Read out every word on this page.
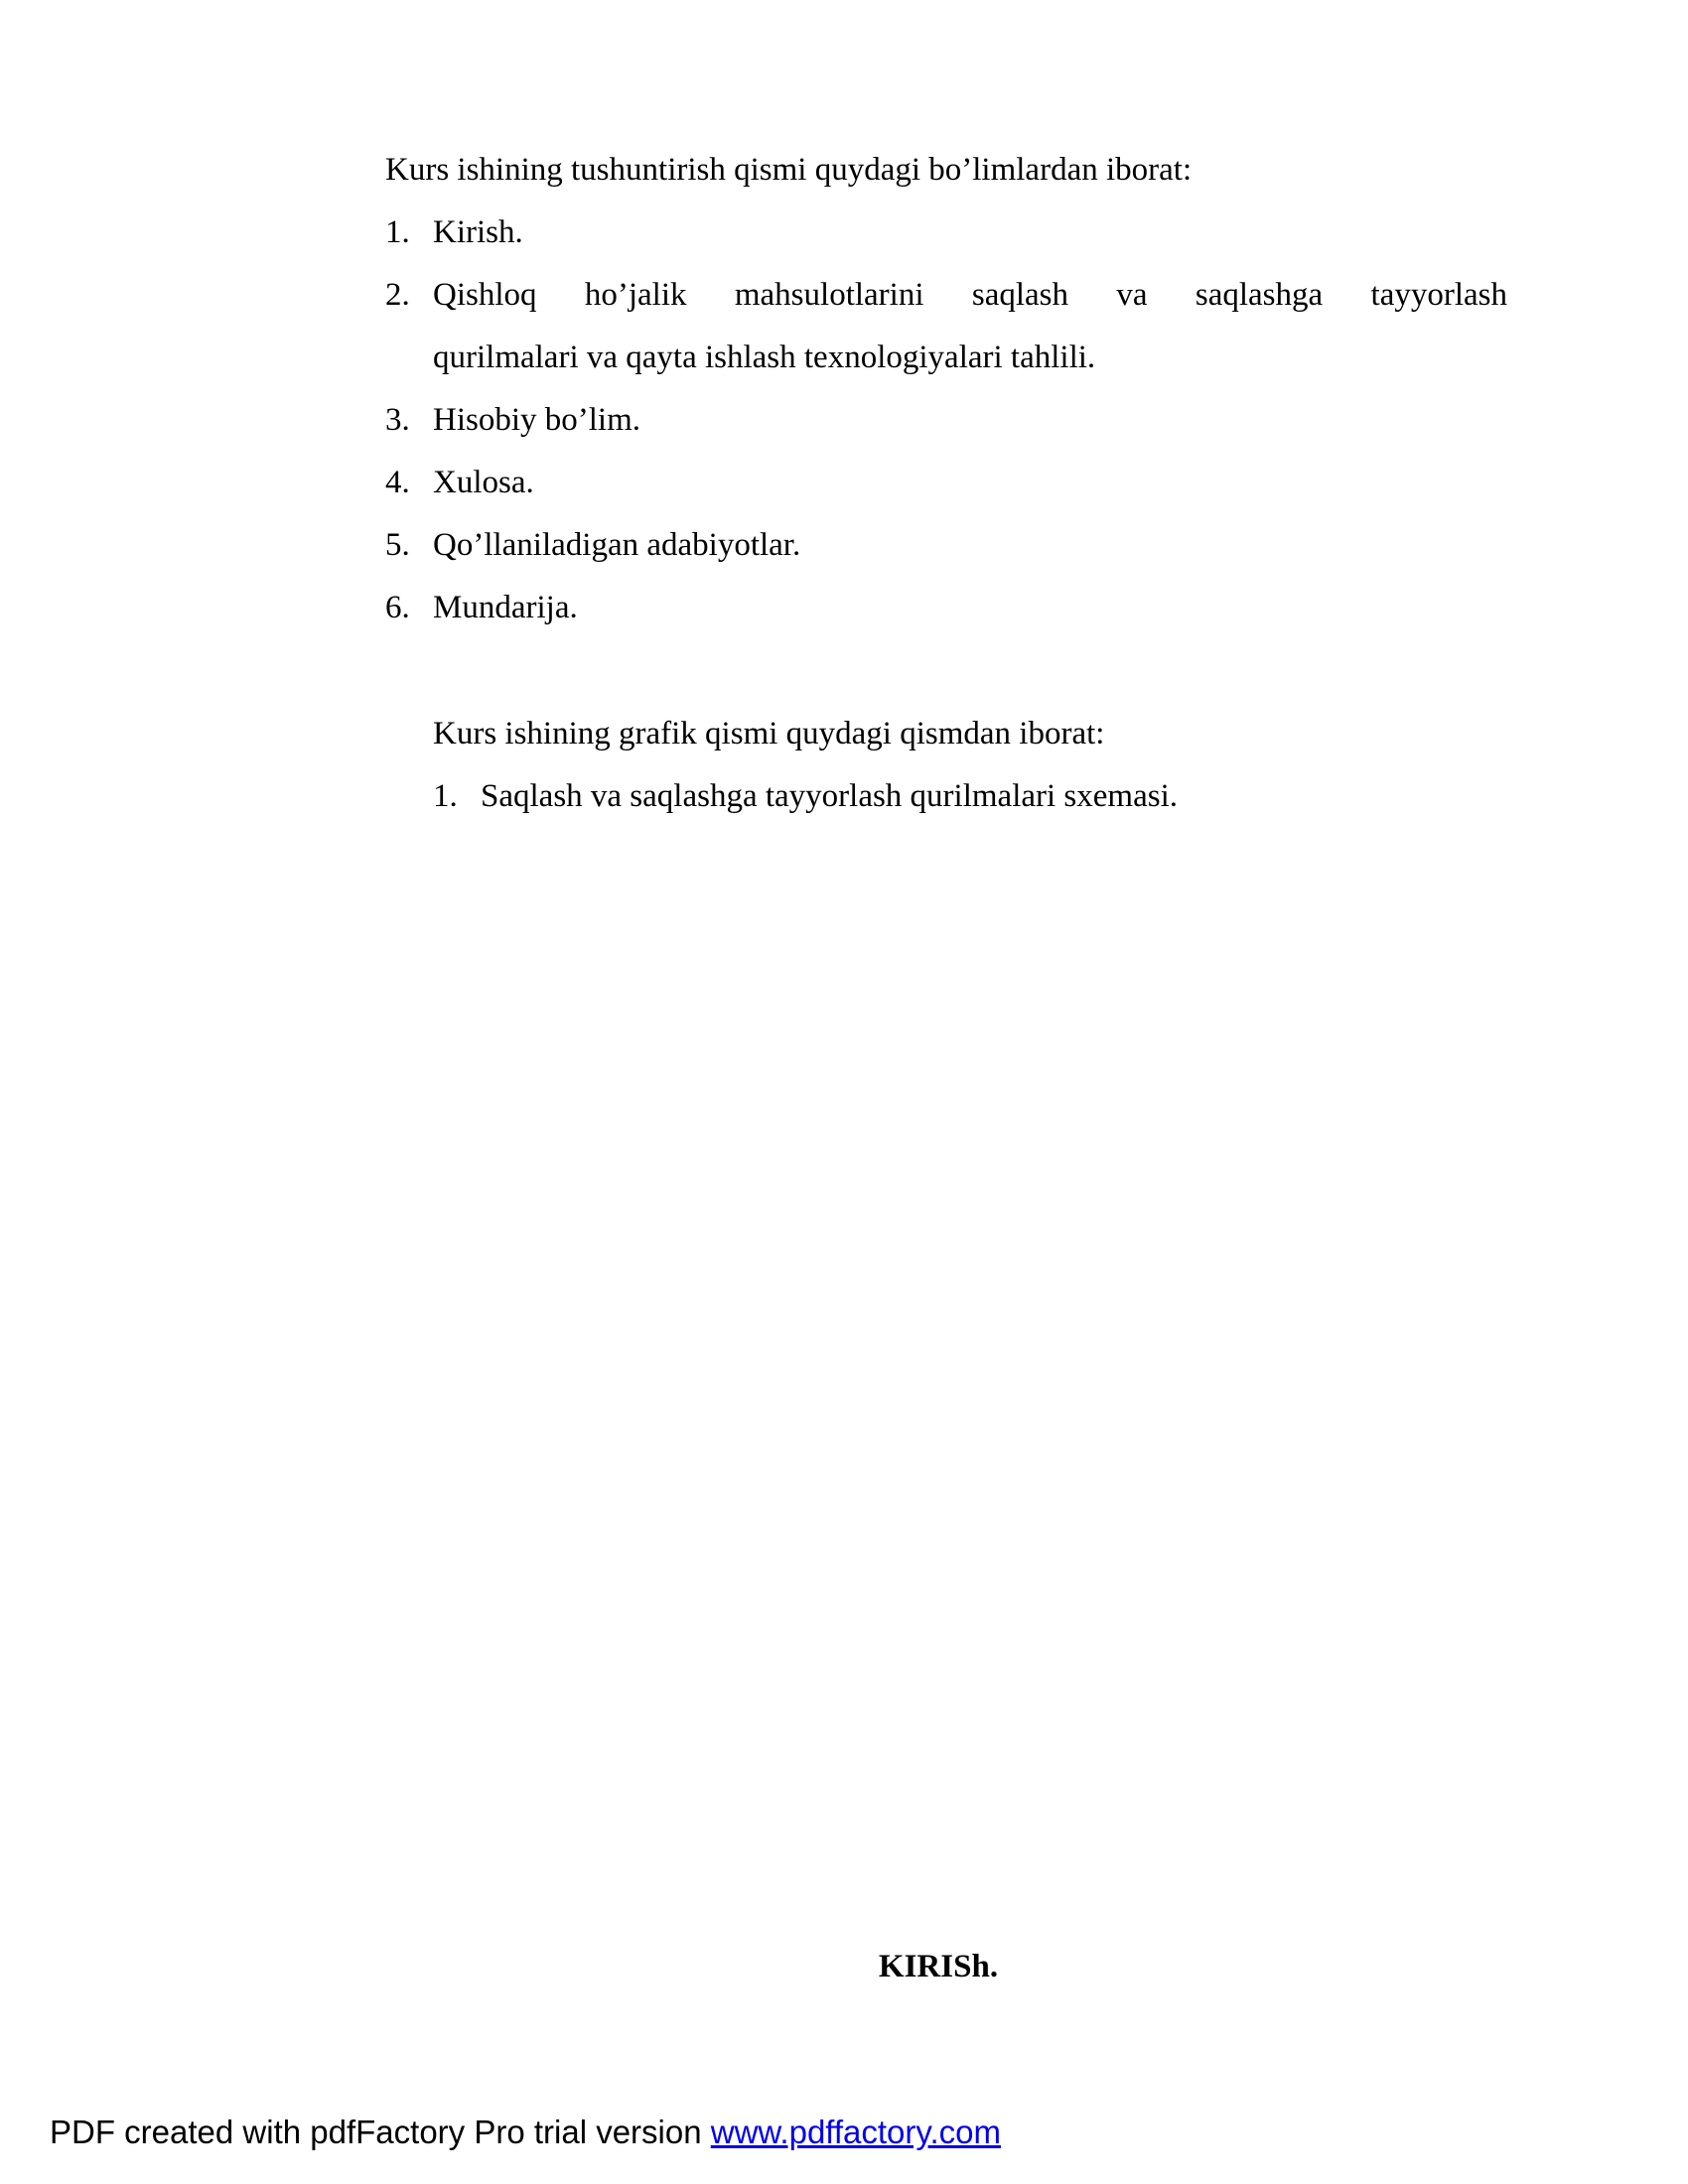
Kurs ishining tushuntirish qismi quydagi bo’limlardan iborat:
1. Kirish.
2. Qishloq ho’jalik mahsulotlarini saqlash va saqlashga tayyorlash
qurilmalari va qayta ishlash texnologiyalari tahlili.
3. Hisobiy bo’lim.
4. Xulosa.
5. Qo’llaniladigan adabiyotlar.
6. Mundarija.
Kurs ishining grafik qismi quydagi qismdan iborat:
1. Saqlash va saqlashga tayyorlash qurilmalari sxemasi.
KIRISh.
PDF created with pdfFactory Pro trial version www.pdffactory.com
